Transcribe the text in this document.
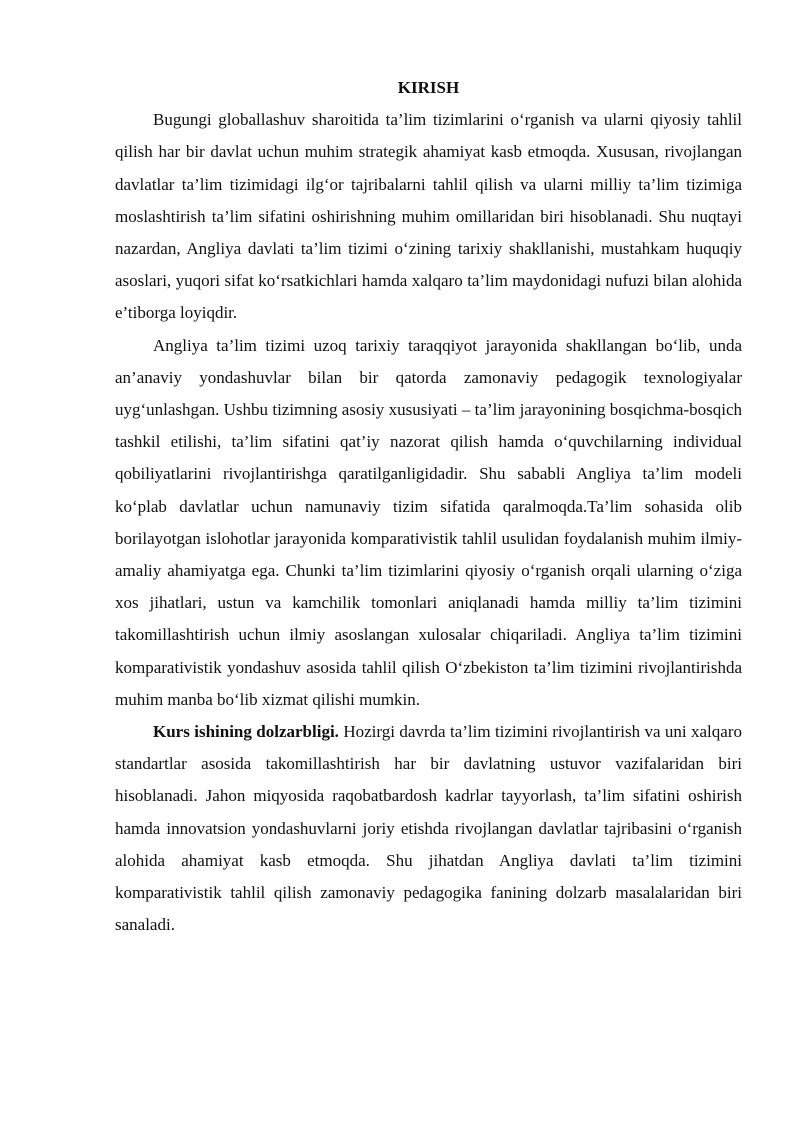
KIRISH

Bugungi globallashuv sharoitida ta’lim tizimlarini o‘rganish va ularni qiyosiy tahlil qilish har bir davlat uchun muhim strategik ahamiyat kasb etmoqda. Xususan, rivojlangan davlatlar ta’lim tizimidagi ilg‘or tajribalarni tahlil qilish va ularni milliy ta’lim tizimiga moslashtirish ta’lim sifatini oshirishning muhim omillaridan biri hisoblanadi. Shu nuqtayi nazardan, Angliya davlati ta’lim tizimi o‘zining tarixiy shakllanishi, mustahkam huquqiy asoslari, yuqori sifat ko‘rsatkichlari hamda xalqaro ta’lim maydonidagi nufuzi bilan alohida e’tiborga loyiqdir.

Angliya ta’lim tizimi uzoq tarixiy taraqqiyot jarayonida shakllangan bo‘lib, unda an’anaviy yondashuvlar bilan bir qatorda zamonaviy pedagogik texnologiyalar uyg‘unlashgan. Ushbu tizimning asosiy xususiyati – ta’lim jarayonining bosqichma-bosqich tashkil etilishi, ta’lim sifatini qat’iy nazorat qilish hamda o‘quvchilarning individual qobiliyatlarini rivojlantirishga qaratilganligidadir. Shu sababli Angliya ta’lim modeli ko‘plab davlatlar uchun namunaviy tizim sifatida qaralmoqda.Ta’lim sohasida olib borilayotgan islohotlar jarayonida komparativistik tahlil usulidan foydalanish muhim ilmiy-amaliy ahamiyatga ega. Chunki ta’lim tizimlarini qiyosiy o‘rganish orqali ularning o‘ziga xos jihatlari, ustun va kamchilik tomonlari aniqlanadi hamda milliy ta’lim tizimini takomillashtirish uchun ilmiy asoslangan xulosalar chiqariladi. Angliya ta’lim tizimini komparativistik yondashuv asosida tahlil qilish O‘zbekiston ta’lim tizimini rivojlantirishda muhim manba bo‘lib xizmat qilishi mumkin.

Kurs ishining dolzarbligi. Hozirgi davrda ta’lim tizimini rivojlantirish va uni xalqaro standartlar asosida takomillashtirish har bir davlatning ustuvor vazifalaridan biri hisoblanadi. Jahon miqyosida raqobatbardosh kadrlar tayyorlash, ta’lim sifatini oshirish hamda innovatsion yondashuvlarni joriy etishda rivojlangan davlatlar tajribasini o‘rganish alohida ahamiyat kasb etmoqda. Shu jihatdan Angliya davlati ta’lim tizimini komparativistik tahlil qilish zamonaviy pedagogika fanining dolzarb masalalaridan biri sanaladi.
